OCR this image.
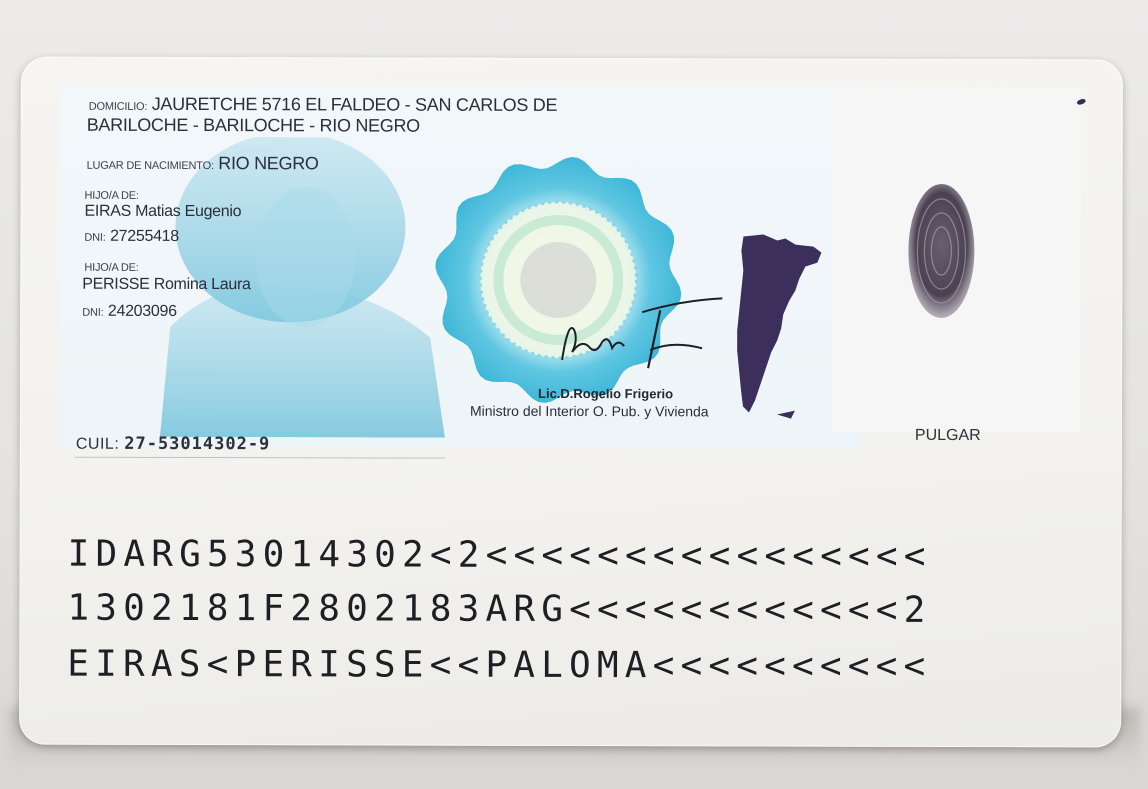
DOMICILIO: JAURETCHE 5716 EL FALDEO - SAN CARLOS DE
BARILOCHE - BARILOCHE - RIO NEGRO
LUGAR DE NACIMIENTO: RIO NEGRO
HIJO/A DE:
EIRAS Matias Eugenio
DNI: 27255418
HIJO/A DE:
PERISSE Romina Laura
DNI: 24203096
CUIL: 27-53014302-9
Lic.D.Rogelio Frigerio
Ministro del Interior O. Pub. y Vivienda
PULGAR
IDARG53014302<2<<<<<<<<<<<<<<<<
1302181F2802183ARG<<<<<<<<<<<<2
EIRAS<PERISSE<<PALOMA<<<<<<<<<<
